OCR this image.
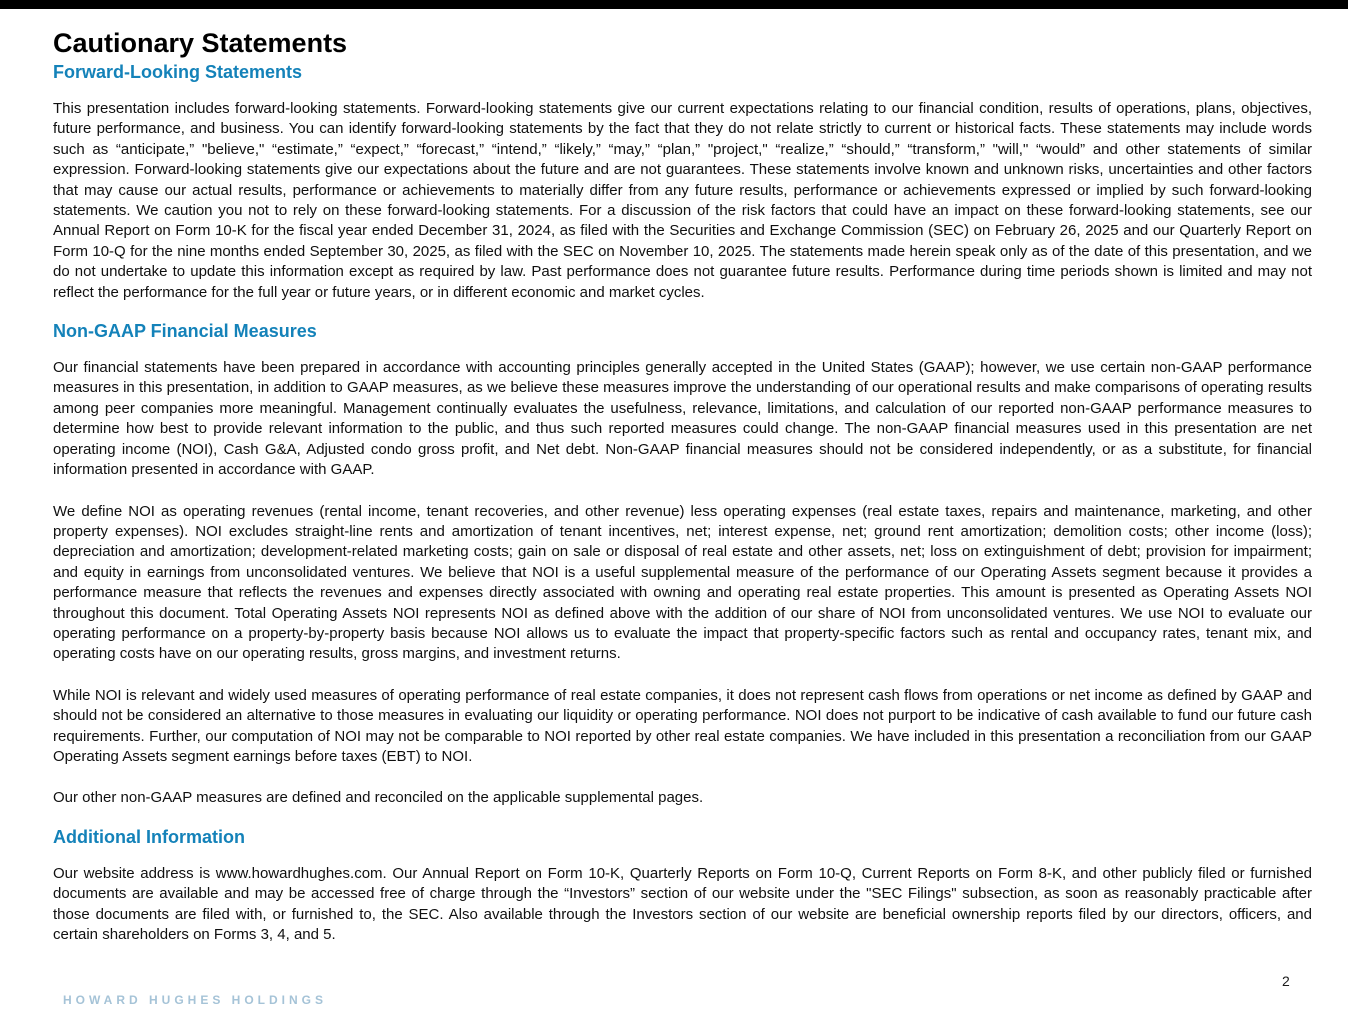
Cautionary Statements
Forward-Looking Statements

This presentation includes forward-looking statements. Forward-looking statements give our current expectations relating to our financial condition, results of operations, plans, objectives, future performance, and business. You can identify forward-looking statements by the fact that they do not relate strictly to current or historical facts. These statements may include words such as “anticipate,” "believe," “estimate,” “expect,” “forecast,” “intend,” “likely,” “may,” “plan,” "project," “realize,” “should,” “transform,” "will," “would” and other statements of similar expression. Forward-looking statements give our expectations about the future and are not guarantees. These statements involve known and unknown risks, uncertainties and other factors that may cause our actual results, performance or achievements to materially differ from any future results, performance or achievements expressed or implied by such forward-looking statements. We caution you not to rely on these forward-looking statements. For a discussion of the risk factors that could have an impact on these forward-looking statements, see our Annual Report on Form 10-K for the fiscal year ended December 31, 2024, as filed with the Securities and Exchange Commission (SEC) on February 26, 2025 and our Quarterly Report on Form 10-Q for the nine months ended September 30, 2025, as filed with the SEC on November 10, 2025. The statements made herein speak only as of the date of this presentation, and we do not undertake to update this information except as required by law. Past performance does not guarantee future results. Performance during time periods shown is limited and may not reflect the performance for the full year or future years, or in different economic and market cycles.

Non-GAAP Financial Measures

Our financial statements have been prepared in accordance with accounting principles generally accepted in the United States (GAAP); however, we use certain non-GAAP performance measures in this presentation, in addition to GAAP measures, as we believe these measures improve the understanding of our operational results and make comparisons of operating results among peer companies more meaningful. Management continually evaluates the usefulness, relevance, limitations, and calculation of our reported non-GAAP performance measures to determine how best to provide relevant information to the public, and thus such reported measures could change. The non-GAAP financial measures used in this presentation are net operating income (NOI), Cash G&A, Adjusted condo gross profit, and Net debt. Non-GAAP financial measures should not be considered independently, or as a substitute, for financial information presented in accordance with GAAP.

We define NOI as operating revenues (rental income, tenant recoveries, and other revenue) less operating expenses (real estate taxes, repairs and maintenance, marketing, and other property expenses). NOI excludes straight-line rents and amortization of tenant incentives, net; interest expense, net; ground rent amortization; demolition costs; other income (loss); depreciation and amortization; development-related marketing costs; gain on sale or disposal of real estate and other assets, net; loss on extinguishment of debt; provision for impairment; and equity in earnings from unconsolidated ventures. We believe that NOI is a useful supplemental measure of the performance of our Operating Assets segment because it provides a performance measure that reflects the revenues and expenses directly associated with owning and operating real estate properties. This amount is presented as Operating Assets NOI throughout this document. Total Operating Assets NOI represents NOI as defined above with the addition of our share of NOI from unconsolidated ventures. We use NOI to evaluate our operating performance on a property-by-property basis because NOI allows us to evaluate the impact that property-specific factors such as rental and occupancy rates, tenant mix, and operating costs have on our operating results, gross margins, and investment returns.

While NOI is relevant and widely used measures of operating performance of real estate companies, it does not represent cash flows from operations or net income as defined by GAAP and should not be considered an alternative to those measures in evaluating our liquidity or operating performance. NOI does not purport to be indicative of cash available to fund our future cash requirements. Further, our computation of NOI may not be comparable to NOI reported by other real estate companies. We have included in this presentation a reconciliation from our GAAP Operating Assets segment earnings before taxes (EBT) to NOI.

Our other non-GAAP measures are defined and reconciled on the applicable supplemental pages.

Additional Information

Our website address is www.howardhughes.com. Our Annual Report on Form 10-K, Quarterly Reports on Form 10-Q, Current Reports on Form 8-K, and other publicly filed or furnished documents are available and may be accessed free of charge through the “Investors” section of our website under the "SEC Filings" subsection, as soon as reasonably practicable after those documents are filed with, or furnished to, the SEC. Also available through the Investors section of our website are beneficial ownership reports filed by our directors, officers, and certain shareholders on Forms 3, 4, and 5.

HOWARD HUGHES HOLDINGS
2
